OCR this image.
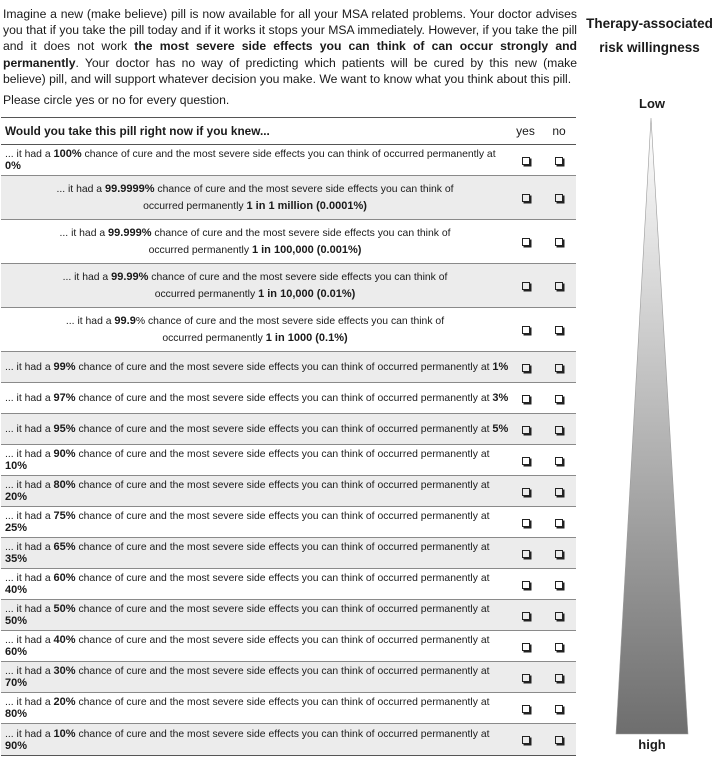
Imagine a new (make believe) pill is now available for all your MSA related problems. Your doctor advises you that if you take the pill today and if it works it stops your MSA immediately. However, if you take the pill and it does not work the most severe side effects you can think of can occur strongly and permanently. Your doctor has no way of predicting which patients will be cured by this new (make believe) pill, and will support whatever decision you make. We want to know what you think about this pill.
Please circle yes or no for every question.
Would you take this pill right now if you knew...	yes	no
... it had a 100% chance of cure and the most severe side effects you can think of occurred permanently at 0%
... it had a 99.9999% chance of cure and the most severe side effects you can think of
occurred permanently 1 in 1 million (0.0001%)
... it had a 99.999% chance of cure and the most severe side effects you can think of
occurred permanently 1 in 100,000 (0.001%)
... it had a 99.99% chance of cure and the most severe side effects you can think of
occurred permanently 1 in 10,000 (0.01%)
... it had a 99.9% chance of cure and the most severe side effects you can think of
occurred permanently 1 in 1000 (0.1%)
... it had a 99% chance of cure and the most severe side effects you can think of occurred permanently at 1%
... it had a 97% chance of cure and the most severe side effects you can think of occurred permanently at 3%
... it had a 95% chance of cure and the most severe side effects you can think of occurred permanently at 5%
... it had a 90% chance of cure and the most severe side effects you can think of occurred permanently at 10%
... it had a 80% chance of cure and the most severe side effects you can think of occurred permanently at 20%
... it had a 75% chance of cure and the most severe side effects you can think of occurred permanently at 25%
... it had a 65% chance of cure and the most severe side effects you can think of occurred permanently at 35%
... it had a 60% chance of cure and the most severe side effects you can think of occurred permanently at 40%
... it had a 50% chance of cure and the most severe side effects you can think of occurred permanently at 50%
... it had a 40% chance of cure and the most severe side effects you can think of occurred permanently at 60%
... it had a 30% chance of cure and the most severe side effects you can think of occurred permanently at 70%
... it had a 20% chance of cure and the most severe side effects you can think of occurred permanently at 80%
... it had a 10% chance of cure and the most severe side effects you can think of occurred permanently at 90%
Therapy-associated
risk willingness
Low
high
